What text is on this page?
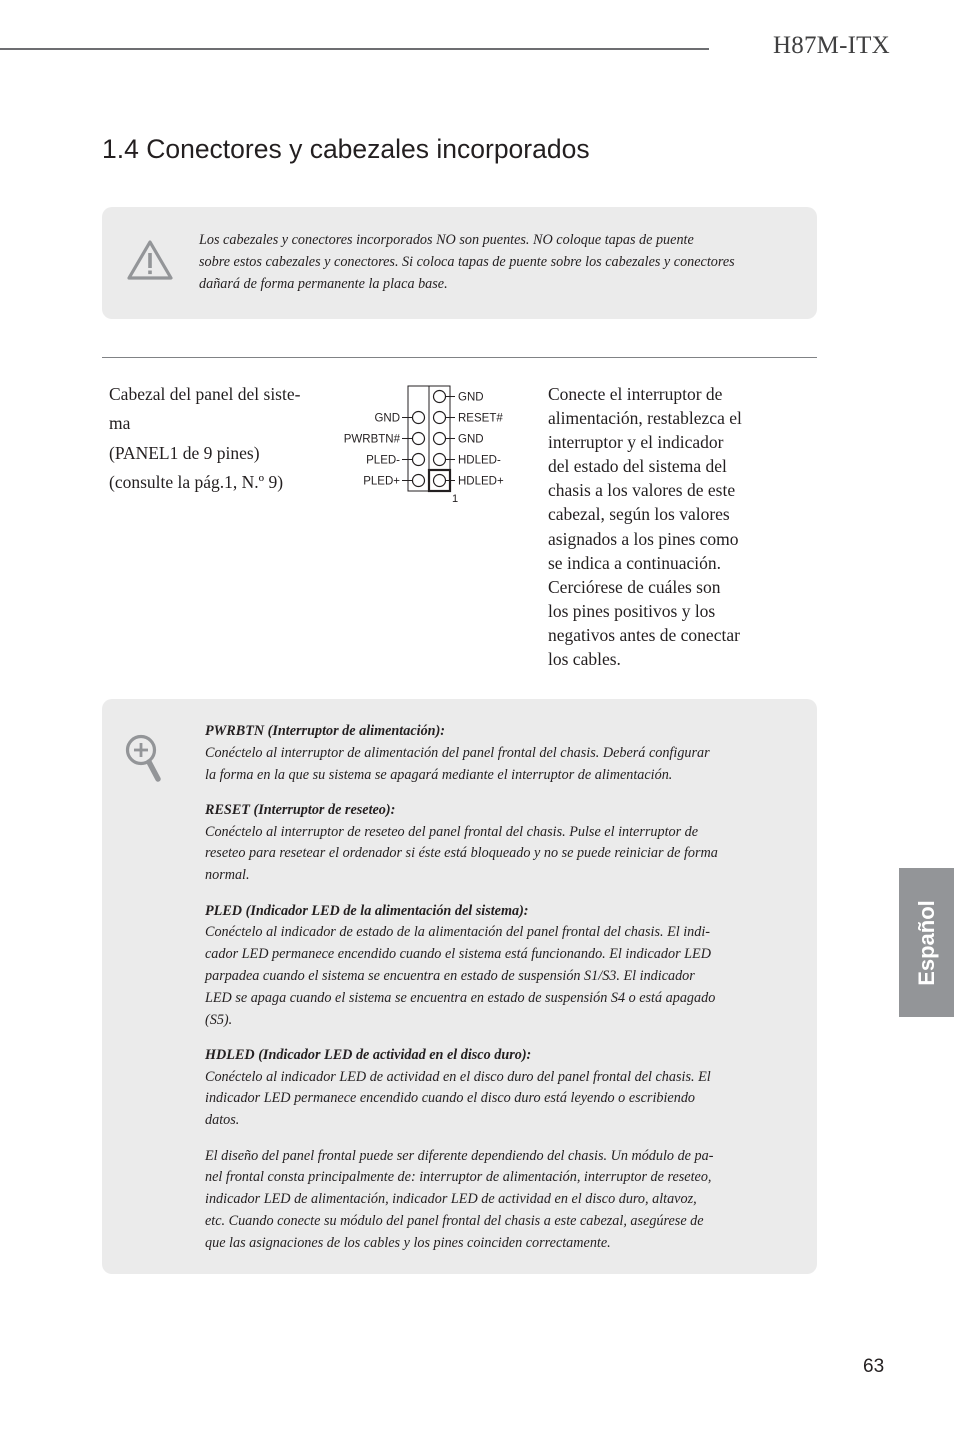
H87M-ITX
1.4 Conectores y cabezales incorporados
Los cabezales y conectores incorporados NO son puentes. NO coloque tapas de puente
sobre estos cabezales y conectores. Si coloca tapas de puente sobre los cabezales y conectores
dañará de forma permanente la placa base.
Cabezal del panel del siste-
ma
(PANEL1 de 9 pines)
(consulte la pág.1, N.º 9)
GND
RESET#
GND
HDLED-
HDLED+
GND
PWRBTN#
PLED-
PLED+
1
Conecte el interruptor de
alimentación, restablezca el
interruptor y el indicador
del estado del sistema del
chasis a los valores de este
cabezal, según los valores
asignados a los pines como
se indica a continuación.
Cerciórese de cuáles son
los pines positivos y los
negativos antes de conectar
los cables.
PWRBTN (Interruptor de alimentación):
Conéctelo al interruptor de alimentación del panel frontal del chasis. Deberá configurar
la forma en la que su sistema se apagará mediante el interruptor de alimentación.
RESET (Interruptor de reseteo):
Conéctelo al interruptor de reseteo del panel frontal del chasis. Pulse el interruptor de
reseteo para resetear el ordenador si éste está bloqueado y no se puede reiniciar de forma
normal.
PLED (Indicador LED de la alimentación del sistema):
Conéctelo al indicador de estado de la alimentación del panel frontal del chasis. El indi-
cador LED permanece encendido cuando el sistema está funcionando. El indicador LED
parpadea cuando el sistema se encuentra en estado de suspensión S1/S3. El indicador
LED se apaga cuando el sistema se encuentra en estado de suspensión S4 o está apagado
(S5).
HDLED (Indicador LED de actividad en el disco duro):
Conéctelo al indicador LED de actividad en el disco duro del panel frontal del chasis. El
indicador LED permanece encendido cuando el disco duro está leyendo o escribiendo
datos.
El diseño del panel frontal puede ser diferente dependiendo del chasis. Un módulo de pa-
nel frontal consta principalmente de: interruptor de alimentación, interruptor de reseteo,
indicador LED de alimentación, indicador LED de actividad en el disco duro, altavoz,
etc. Cuando conecte su módulo del panel frontal del chasis a este cabezal, asegúrese de
que las asignaciones de los cables y los pines coinciden correctamente.
Español
63
